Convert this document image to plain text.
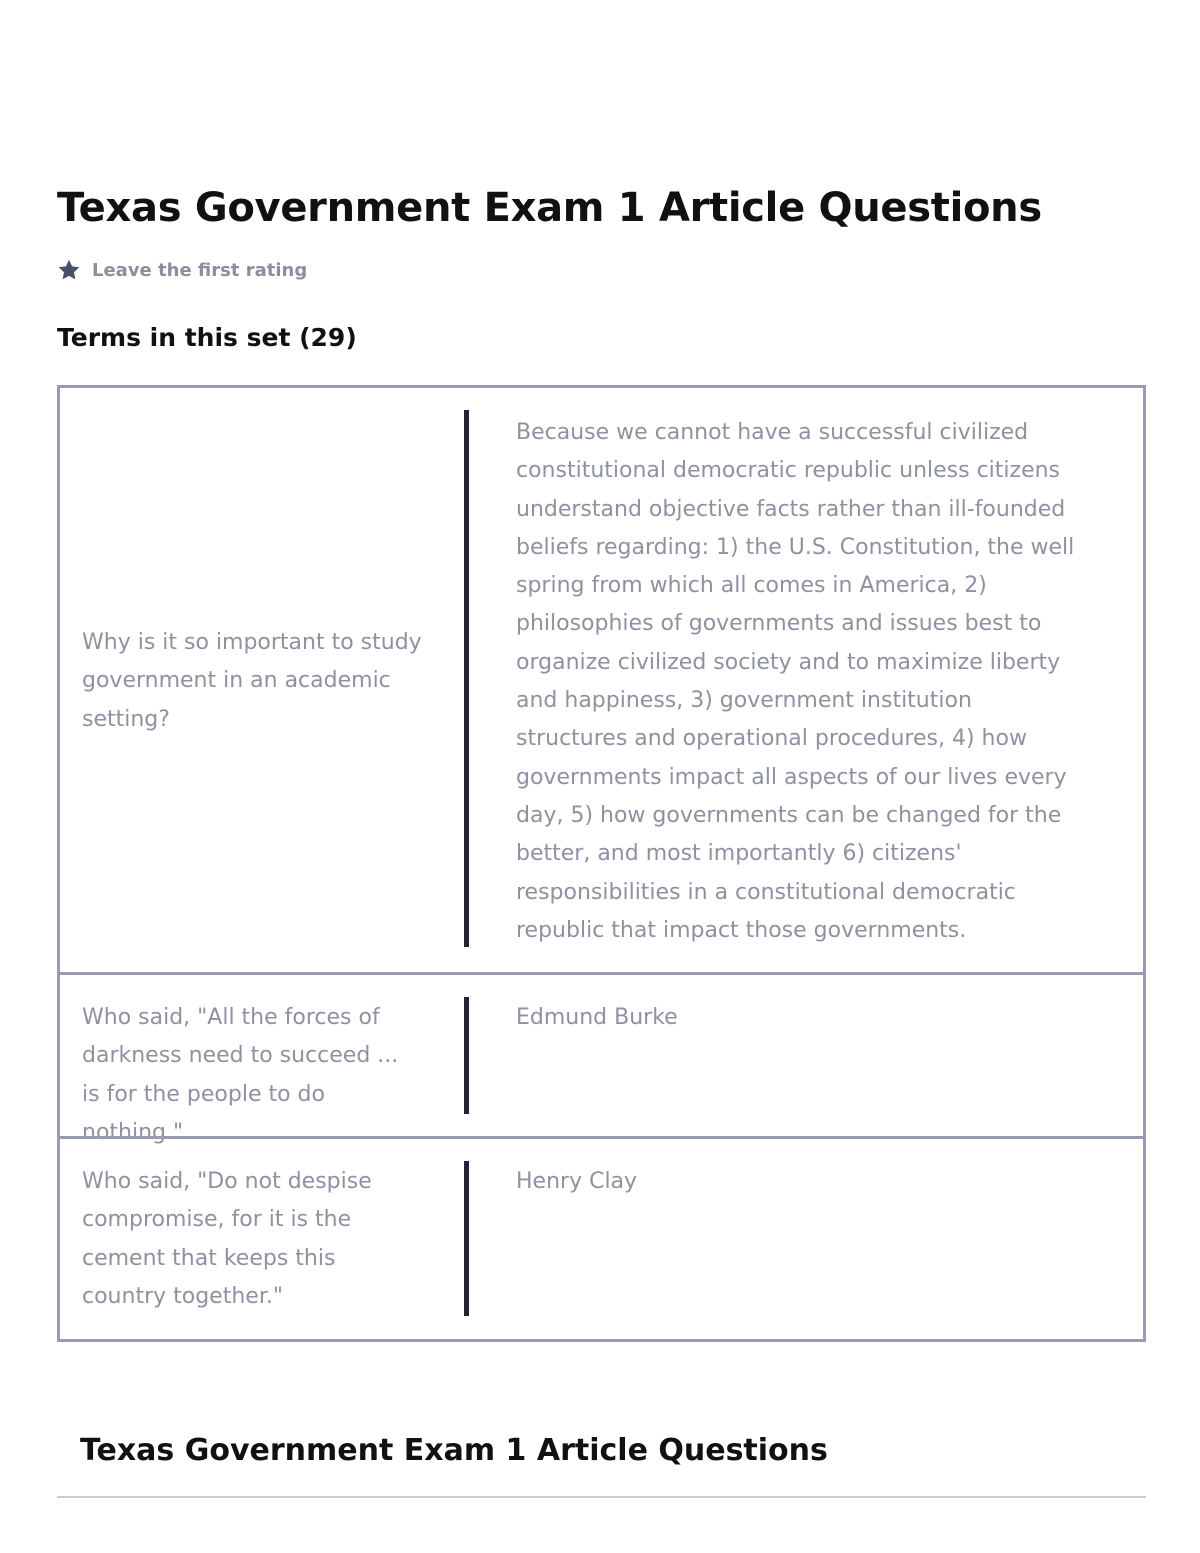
Texas Government Exam 1 Article Questions
Leave the first rating
Terms in this set (29)
Why is it so important to study government in an academic setting?
Because we cannot have a successful civilized constitutional democratic republic unless citizens understand objective facts rather than ill-founded beliefs regarding: 1) the U.S. Constitution, the well spring from which all comes in America, 2) philosophies of governments and issues best to organize civilized society and to maximize liberty and happiness, 3) government institution structures and operational procedures, 4) how governments impact all aspects of our lives every day, 5) how governments can be changed for the better, and most importantly 6) citizens' responsibilities in a constitutional democratic republic that impact those governments.
Who said, "All the forces of darkness need to succeed ... is for the people to do nothing."
Edmund Burke
Who said, "Do not despise compromise, for it is the cement that keeps this country together."
Henry Clay
Texas Government Exam 1 Article Questions
